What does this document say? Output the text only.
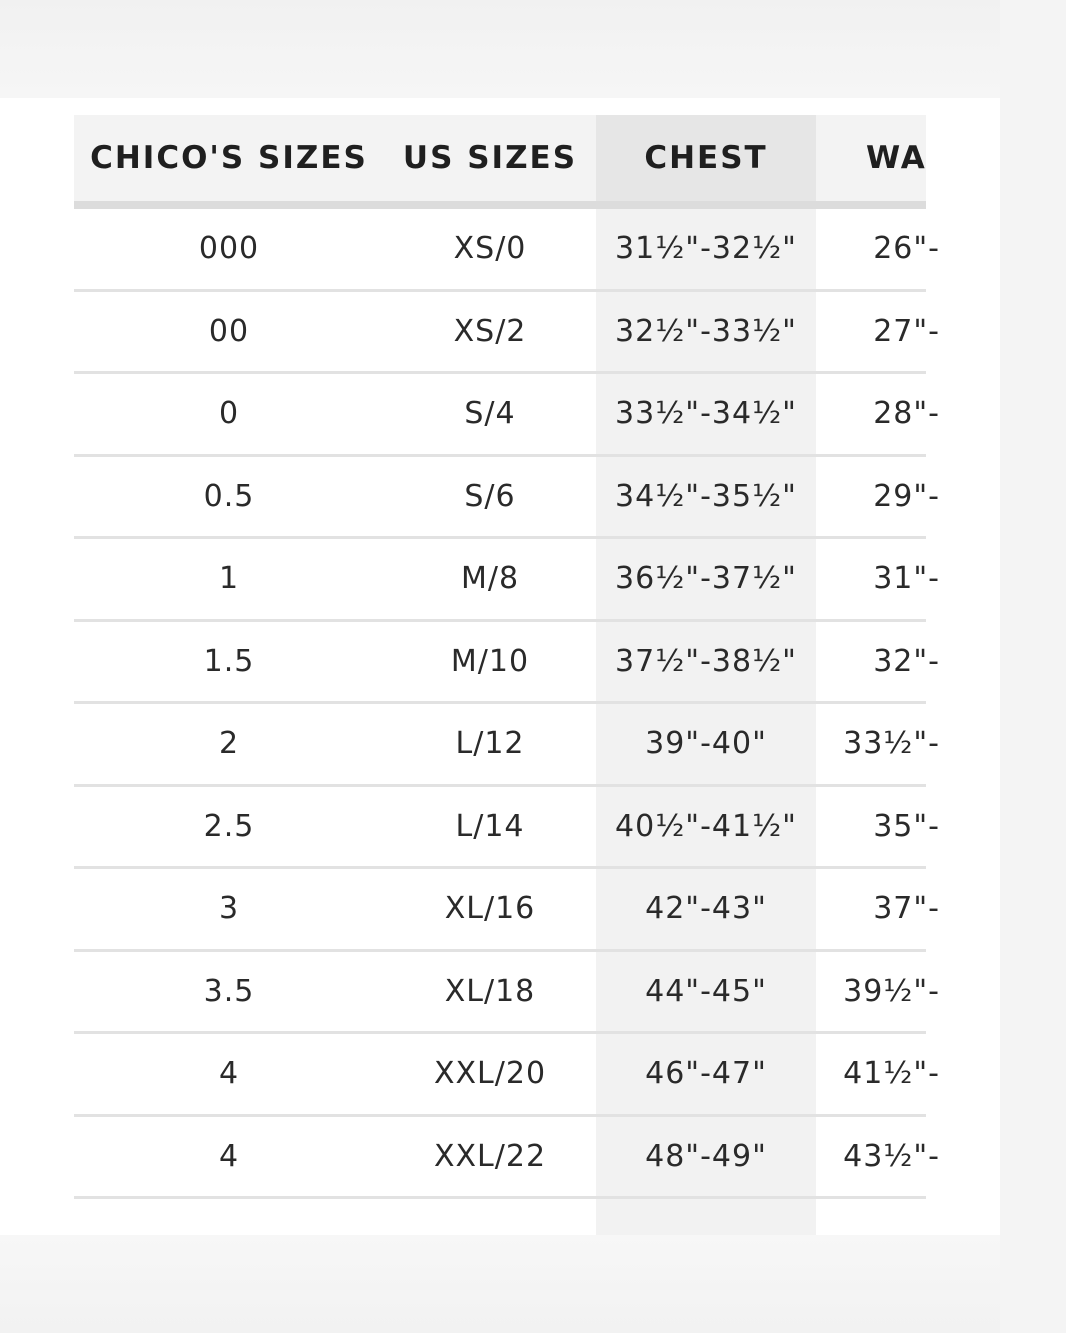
CHICO'S SIZES	US SIZES	CHEST	WA
000	XS/0	31½"-32½"	26"-
00	XS/2	32½"-33½"	27"-
0	S/4	33½"-34½"	28"-
0.5	S/6	34½"-35½"	29"-
1	M/8	36½"-37½"	31"-
1.5	M/10	37½"-38½"	32"-
2	L/12	39"-40"	33½"-
2.5	L/14	40½"-41½"	35"-
3	XL/16	42"-43"	37"-
3.5	XL/18	44"-45"	39½"-
4	XXL/20	46"-47"	41½"-
4	XXL/22	48"-49"	43½"-
